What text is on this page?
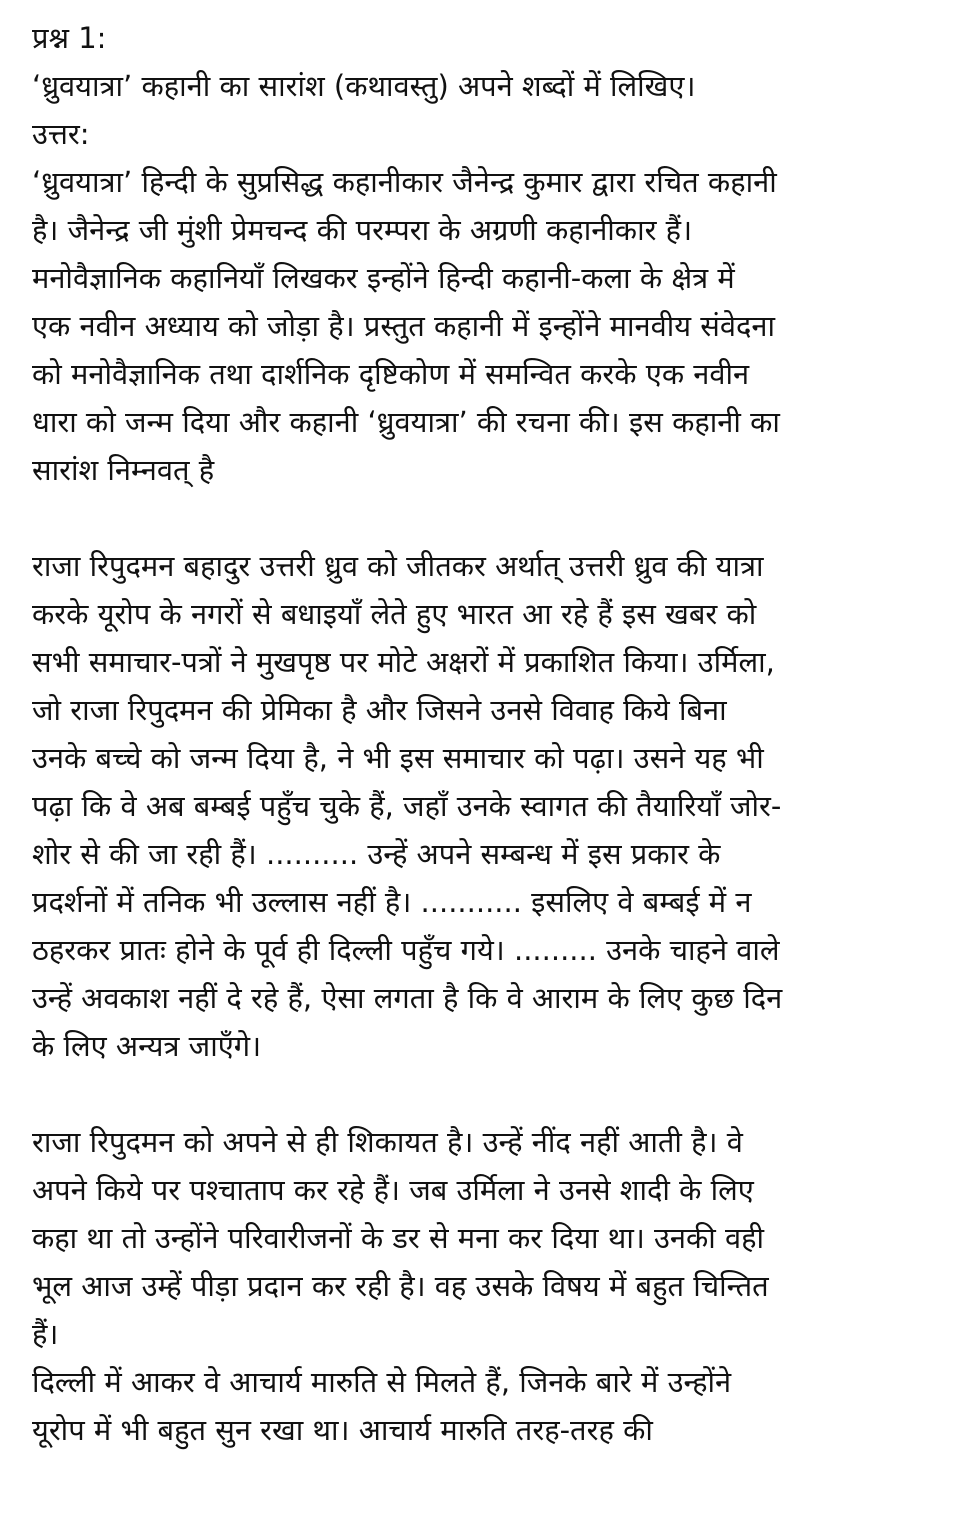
प्रश्न 1:
‘ध्रुवयात्रा’ कहानी का सारांश (कथावस्तु) अपने शब्दों में लिखिए।
उत्तर:
‘ध्रुवयात्रा’ हिन्दी के सुप्रसिद्ध कहानीकार जैनेन्द्र कुमार द्वारा रचित कहानी
है। जैनेन्द्र जी मुंशी प्रेमचन्द की परम्परा के अग्रणी कहानीकार हैं।
मनोवैज्ञानिक कहानियाँ लिखकर इन्होंने हिन्दी कहानी-कला के क्षेत्र में
एक नवीन अध्याय को जोड़ा है। प्रस्तुत कहानी में इन्होंने मानवीय संवेदना
को मनोवैज्ञानिक तथा दार्शनिक दृष्टिकोण में समन्वित करके एक नवीन
धारा को जन्म दिया और कहानी ‘ध्रुवयात्रा’ की रचना की। इस कहानी का
सारांश निम्नवत् है
राजा रिपुदमन बहादुर उत्तरी ध्रुव को जीतकर अर्थात् उत्तरी ध्रुव की यात्रा
करके यूरोप के नगरों से बधाइयाँ लेते हुए भारत आ रहे हैं इस खबर को
सभी समाचार-पत्रों ने मुखपृष्ठ पर मोटे अक्षरों में प्रकाशित किया। उर्मिला,
जो राजा रिपुदमन की प्रेमिका है और जिसने उनसे विवाह किये बिना
उनके बच्चे को जन्म दिया है, ने भी इस समाचार को पढ़ा। उसने यह भी
पढ़ा कि वे अब बम्बई पहुँच चुके हैं, जहाँ उनके स्वागत की तैयारियाँ जोर-
शोर से की जा रही हैं। .......... उन्हें अपने सम्बन्ध में इस प्रकार के
प्रदर्शनों में तनिक भी उल्लास नहीं है। ........... इसलिए वे बम्बई में न
ठहरकर प्रातः होने के पूर्व ही दिल्ली पहुँच गये। ......... उनके चाहने वाले
उन्हें अवकाश नहीं दे रहे हैं, ऐसा लगता है कि वे आराम के लिए कुछ दिन
के लिए अन्यत्र जाएँगे।
राजा रिपुदमन को अपने से ही शिकायत है। उन्हें नींद नहीं आती है। वे
अपने किये पर पश्चाताप कर रहे हैं। जब उर्मिला ने उनसे शादी के लिए
कहा था तो उन्होंने परिवारीजनों के डर से मना कर दिया था। उनकी वही
भूल आज उम्हें पीड़ा प्रदान कर रही है। वह उसके विषय में बहुत चिन्तित
हैं।
दिल्ली में आकर वे आचार्य मारुति से मिलते हैं, जिनके बारे में उन्होंने
यूरोप में भी बहुत सुन रखा था। आचार्य मारुति तरह-तरह की
